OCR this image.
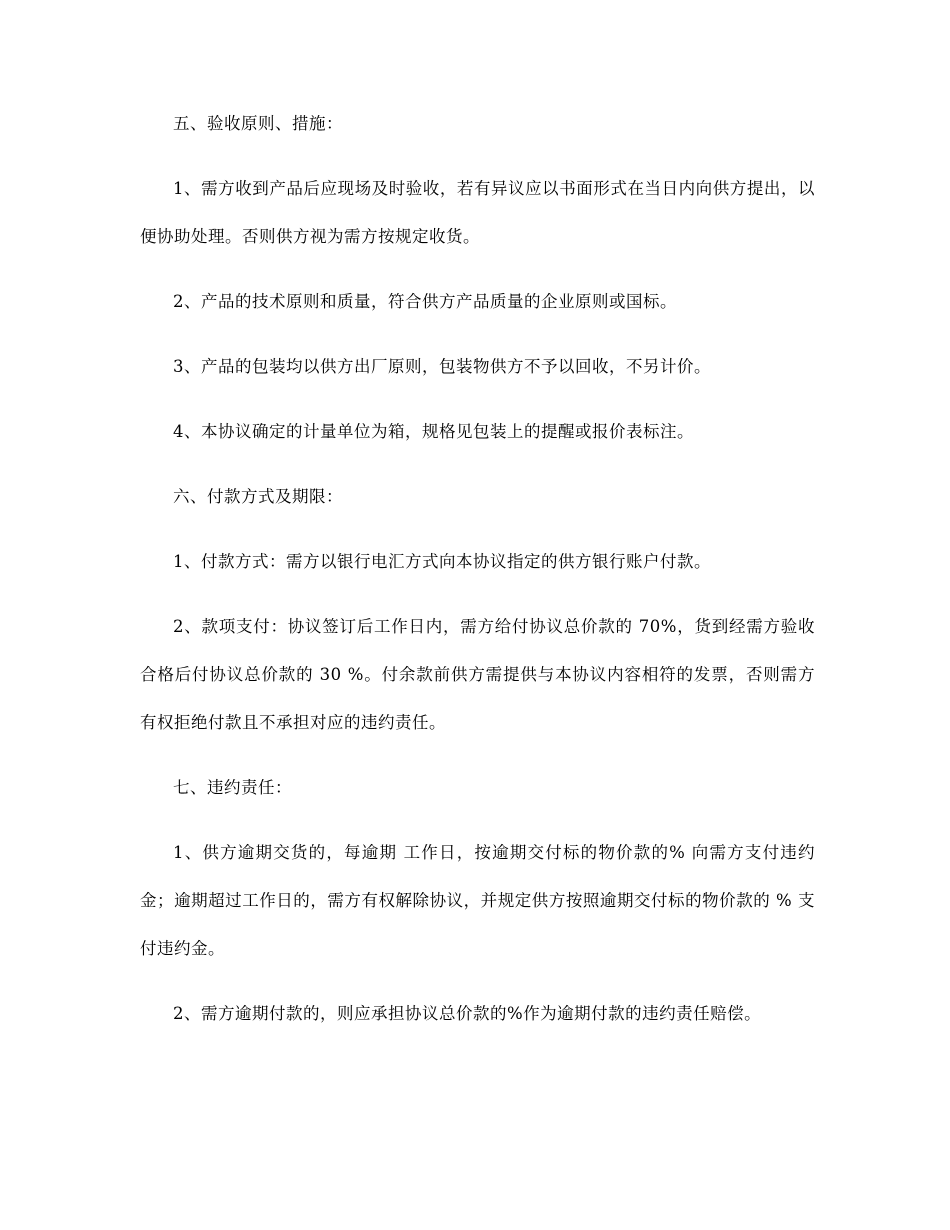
五、验收原则、措施：

1、需方收到产品后应现场及时验收，若有异议应以书面形式在当日内向供方提出，以便协助处理。否则供方视为需方按规定收货。

2、产品的技术原则和质量，符合供方产品质量的企业原则或国标。

3、产品的包装均以供方出厂原则，包装物供方不予以回收，不另计价。

4、本协议确定的计量单位为箱，规格见包装上的提醒或报价表标注。

六、付款方式及期限：

1、付款方式：需方以银行电汇方式向本协议指定的供方银行账户付款。

2、款项支付：协议签订后工作日内，需方给付协议总价款的 70%，货到经需方验收合格后付协议总价款的 30 %。付余款前供方需提供与本协议内容相符的发票，否则需方有权拒绝付款且不承担对应的违约责任。

七、违约责任：

1、供方逾期交货的，每逾期 工作日，按逾期交付标的物价款的% 向需方支付违约金；逾期超过工作日的，需方有权解除协议，并规定供方按照逾期交付标的物价款的 % 支付违约金。

2、需方逾期付款的，则应承担协议总价款的%作为逾期付款的违约责任赔偿。
